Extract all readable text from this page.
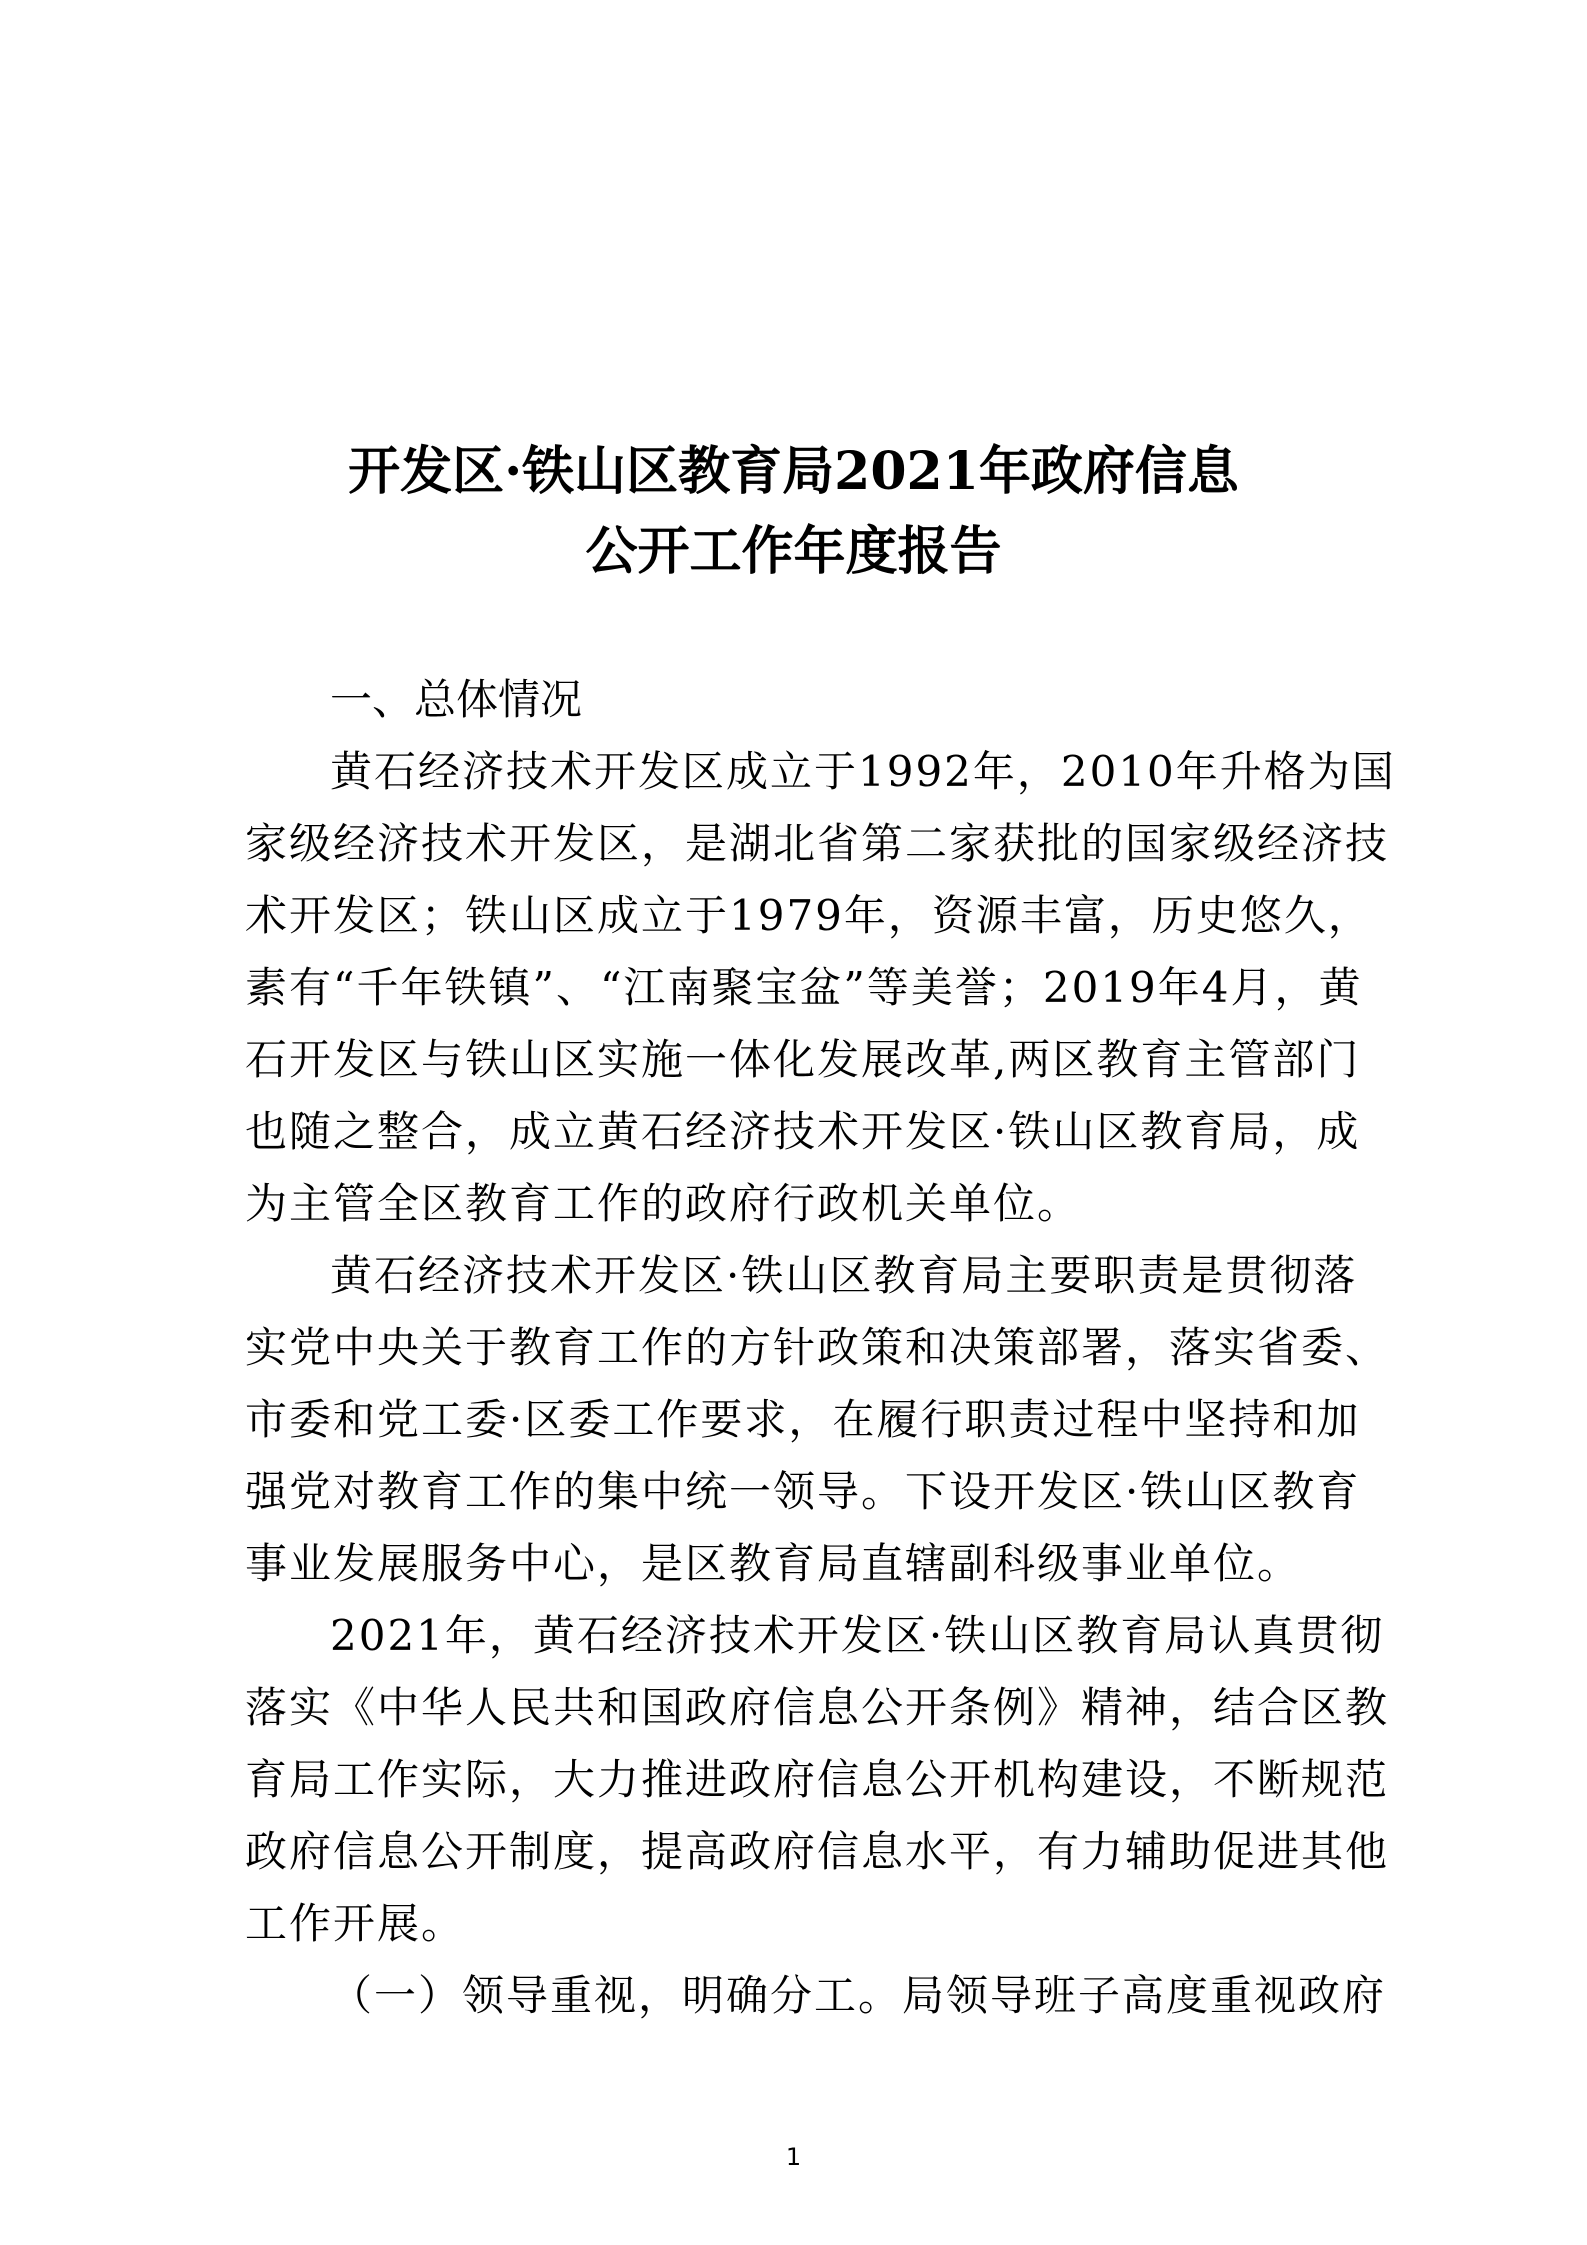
开发区·铁山区教育局2021年政府信息
公开工作年度报告
一、总体情况
黄石经济技术开发区成立于1992年，2010年升格为国
家级经济技术开发区，是湖北省第二家获批的国家级经济技
术开发区；铁山区成立于1979年，资源丰富，历史悠久，
素有“千年铁镇”、“江南聚宝盆”等美誉；2019年4月，黄
石开发区与铁山区实施一体化发展改革,两区教育主管部门
也随之整合，成立黄石经济技术开发区·铁山区教育局，成
为主管全区教育工作的政府行政机关单位。
黄石经济技术开发区·铁山区教育局主要职责是贯彻落
实党中央关于教育工作的方针政策和决策部署，落实省委、
市委和党工委·区委工作要求，在履行职责过程中坚持和加
强党对教育工作的集中统一领导。下设开发区·铁山区教育
事业发展服务中心，是区教育局直辖副科级事业单位。
2021年，黄石经济技术开发区·铁山区教育局认真贯彻
落实《中华人民共和国政府信息公开条例》精神，结合区教
育局工作实际，大力推进政府信息公开机构建设，不断规范
政府信息公开制度，提高政府信息水平，有力辅助促进其他
工作开展。
（一）领导重视，明确分工。局领导班子高度重视政府
1
